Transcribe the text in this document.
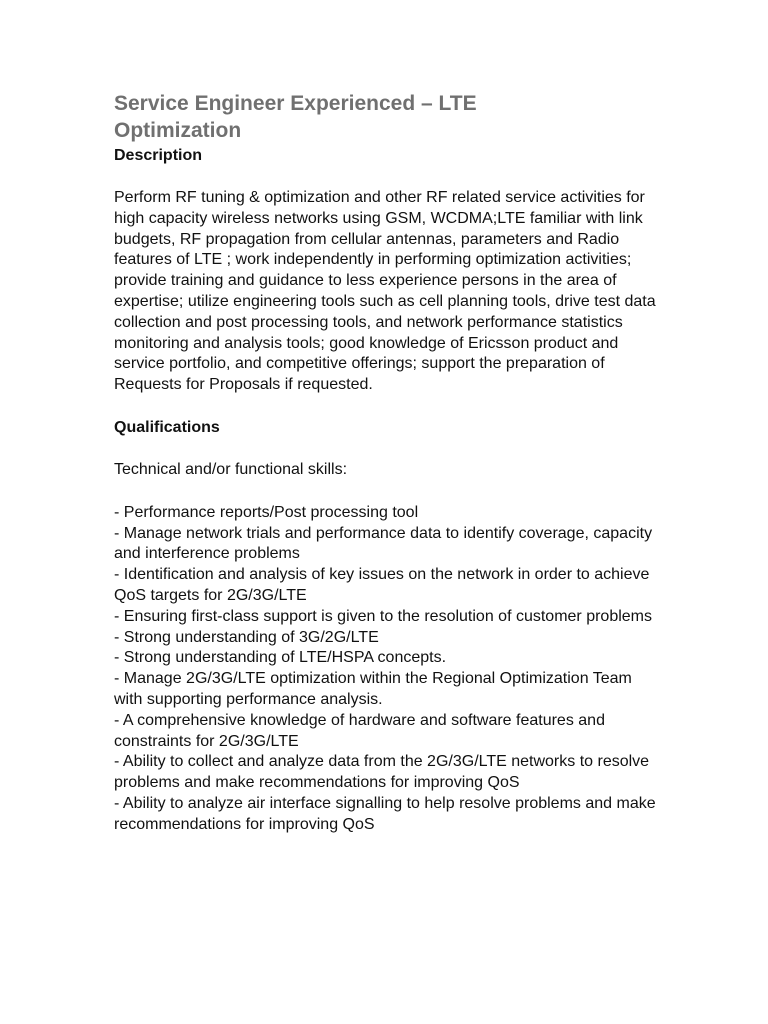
Service Engineer Experienced – LTE Optimization
Description

Perform RF tuning & optimization and other RF related service activities for high capacity wireless networks using GSM, WCDMA;LTE familiar with link budgets, RF propagation from cellular antennas, parameters and Radio features of LTE ; work independently in performing optimization activities; provide training and guidance to less experience persons in the area of expertise; utilize engineering tools such as cell planning tools, drive test data collection and post processing tools, and network performance statistics monitoring and analysis tools; good knowledge of Ericsson product and service portfolio, and competitive offerings; support the preparation of Requests for Proposals if requested.

Qualifications

Technical and/or functional skills:

- Performance reports/Post processing tool
- Manage network trials and performance data to identify coverage, capacity and interference problems
- Identification and analysis of key issues on the network in order to achieve QoS targets for 2G/3G/LTE
- Ensuring first-class support is given to the resolution of customer problems
- Strong understanding of 3G/2G/LTE
- Strong understanding of LTE/HSPA concepts.
- Manage 2G/3G/LTE optimization within the Regional Optimization Team with supporting performance analysis.
- A comprehensive knowledge of hardware and software features and constraints for 2G/3G/LTE
- Ability to collect and analyze data from the 2G/3G/LTE networks to resolve problems and make recommendations for improving QoS
- Ability to analyze air interface signalling to help resolve problems and make recommendations for improving QoS
